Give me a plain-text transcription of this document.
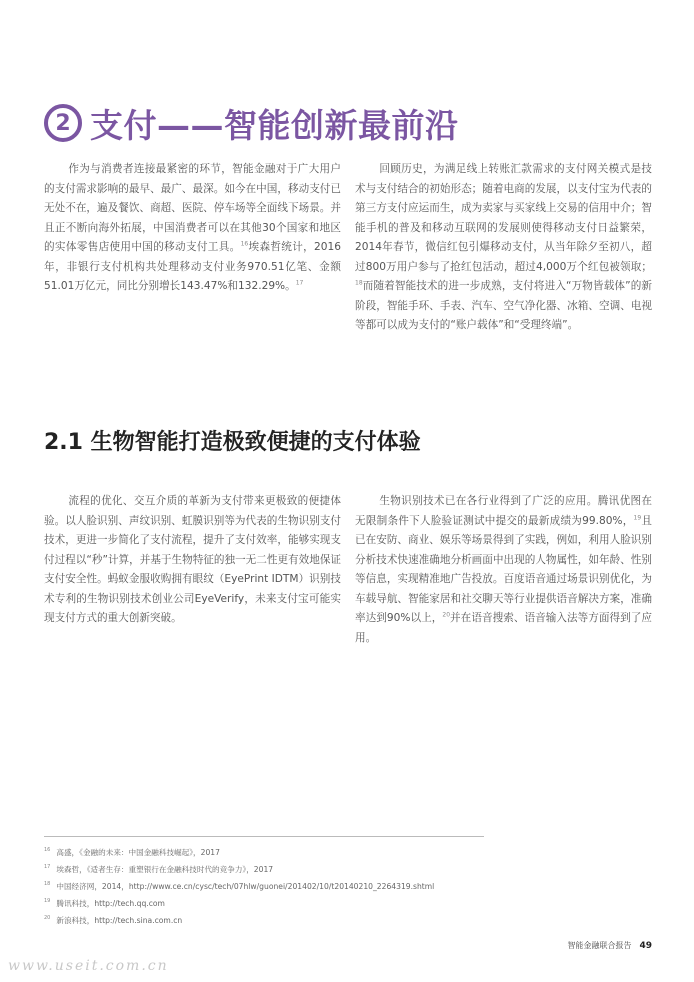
2 支付——智能创新最前沿

作为与消费者连接最紧密的环节，智能金融对于广大用户的支付需求影响的最早、最广、最深。如今在中国，移动支付已无处不在，遍及餐饮、商超、医院、停车场等全面线下场景。并且正不断向海外拓展，中国消费者可以在其他30个国家和地区的实体零售店使用中国的移动支付工具。$^{16}$埃森哲统计，2016年，非银行支付机构共处理移动支付业务970.51亿笔、金额51.01万亿元，同比分别增长143.47%和132.29%。$^{17}$

回顾历史，为满足线上转账汇款需求的支付网关模式是技术与支付结合的初始形态；随着电商的发展，以支付宝为代表的第三方支付应运而生，成为卖家与买家线上交易的信用中介；智能手机的普及和移动互联网的发展则使得移动支付日益繁荣，2014年春节，微信红包引爆移动支付，从当年除夕至初八，超过800万用户参与了抢红包活动，超过4,000万个红包被领取；$^{18}$而随着智能技术的进一步成熟，支付将进入“万物皆载体”的新阶段，智能手环、手表、汽车、空气净化器、冰箱、空调、电视等都可以成为支付的“账户载体”和“受理终端”。

2.1 生物智能打造极致便捷的支付体验

流程的优化、交互介质的革新为支付带来更极致的便捷体验。以人脸识别、声纹识别、虹膜识别等为代表的生物识别支付技术，更进一步简化了支付流程，提升了支付效率，能够实现支付过程以“秒”计算，并基于生物特征的独一无二性更有效地保证支付安全性。蚂蚁金服收购拥有眼纹（EyePrint IDTM）识别技术专利的生物识别技术创业公司EyeVerify，未来支付宝可能实现支付方式的重大创新突破。

生物识别技术已在各行业得到了广泛的应用。腾讯优图在无限制条件下人脸验证测试中提交的最新成绩为99.80%，$^{19}$且已在安防、商业、娱乐等场景得到了实践，例如，利用人脸识别分析技术快速准确地分析画面中出现的人物属性，如年龄、性别等信息，实现精准地广告投放。百度语音通过场景识别优化，为车载导航、智能家居和社交聊天等行业提供语音解决方案，准确率达到90%以上，$^{20}$并在语音搜索、语音输入法等方面得到了应用。

$^{16}$ 高盛，《金融的未来：中国金融科技崛起》，2017
$^{17}$ 埃森哲，《适者生存：重塑银行在金融科技时代的竞争力》，2017
$^{18}$ 中国经济网，2014，http://www.ce.cn/cysc/tech/07hlw/guonei/201402/10/t20140210_2264319.shtml
$^{19}$ 腾讯科技，http://tech.qq.com
$^{20}$ 新浪科技，http://tech.sina.com.cn
智能金融联合报告 49
www.useit.com.cn
